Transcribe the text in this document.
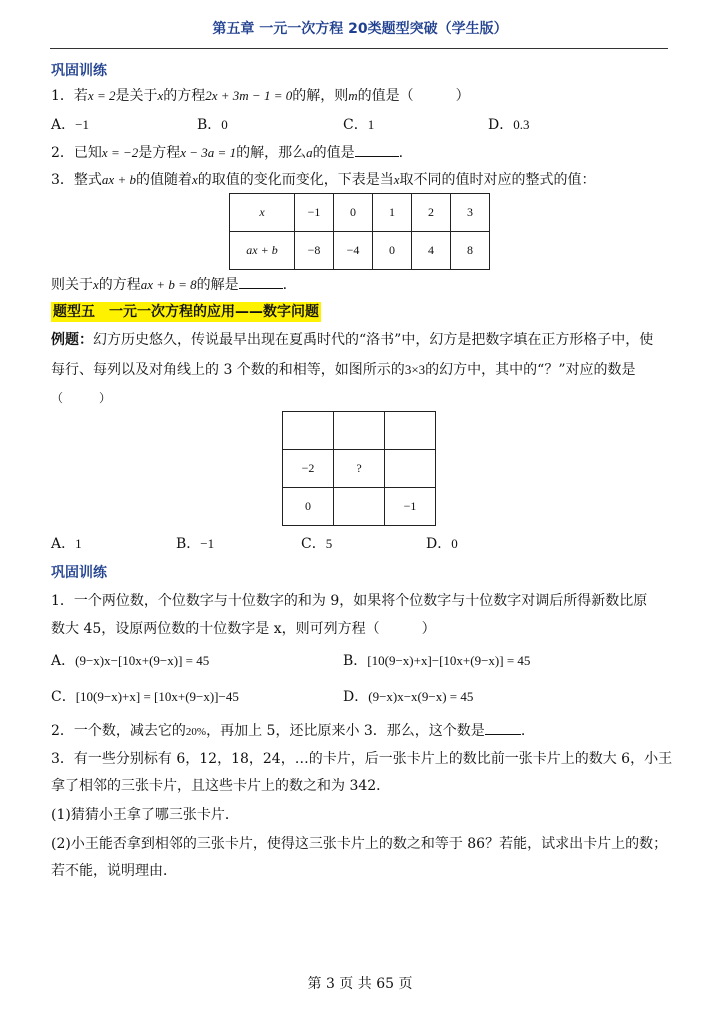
第五章 一元一次方程 20类题型突破（学生版）
巩固训练
1．若x = 2是关于x的方程2x + 3m − 1 = 0的解，则m的值是（　　　）
A．−1	B．0	C．1	D．0.3
2．已知x = −2是方程x − 3a = 1的解，那么a的值是	.
3．整式ax + b的值随着x的取值的变化而变化，下表是当x取不同的值时对应的整式的值：
x	−1	0	1	2	3
ax + b	−8	−4	0	4	8
则关于x的方程ax + b = 8的解是	.
题型五　一元一次方程的应用——数字问题
例题：幻方历史悠久，传说最早出现在夏禹时代的“洛书”中，幻方是把数字填在正方形格子中，使
每行、每列以及对角线上的 3 个数的和相等，如图所示的3×3的幻方中，其中的“？”对应的数是
（　　　）

−2	?	
0		−1
A．1	B．−1	C．5	D．0
巩固训练
1．一个两位数，个位数字与十位数字的和为 9，如果将个位数字与十位数字对调后所得新数比原
数大 45，设原两位数的十位数字是 x，则可列方程（　　　）
A．(9−x)x−[10x+(9−x)] = 45	B．[10(9−x)+x]−[10x+(9−x)] = 45
C．[10(9−x)+x] = [10x+(9−x)]−45	D．(9−x)x−x(9−x) = 45
2．一个数，减去它的20%，再加上 5，还比原来小 3．那么，这个数是	.
3．有一些分别标有 6，12，18，24，…的卡片，后一张卡片上的数比前一张卡片上的数大 6，小王
拿了相邻的三张卡片，且这些卡片上的数之和为 342．
(1)猜猜小王拿了哪三张卡片．
(2)小王能否拿到相邻的三张卡片，使得这三张卡片上的数之和等于 86？若能，试求出卡片上的数；
若不能，说明理由．
第 3 页 共 65 页
